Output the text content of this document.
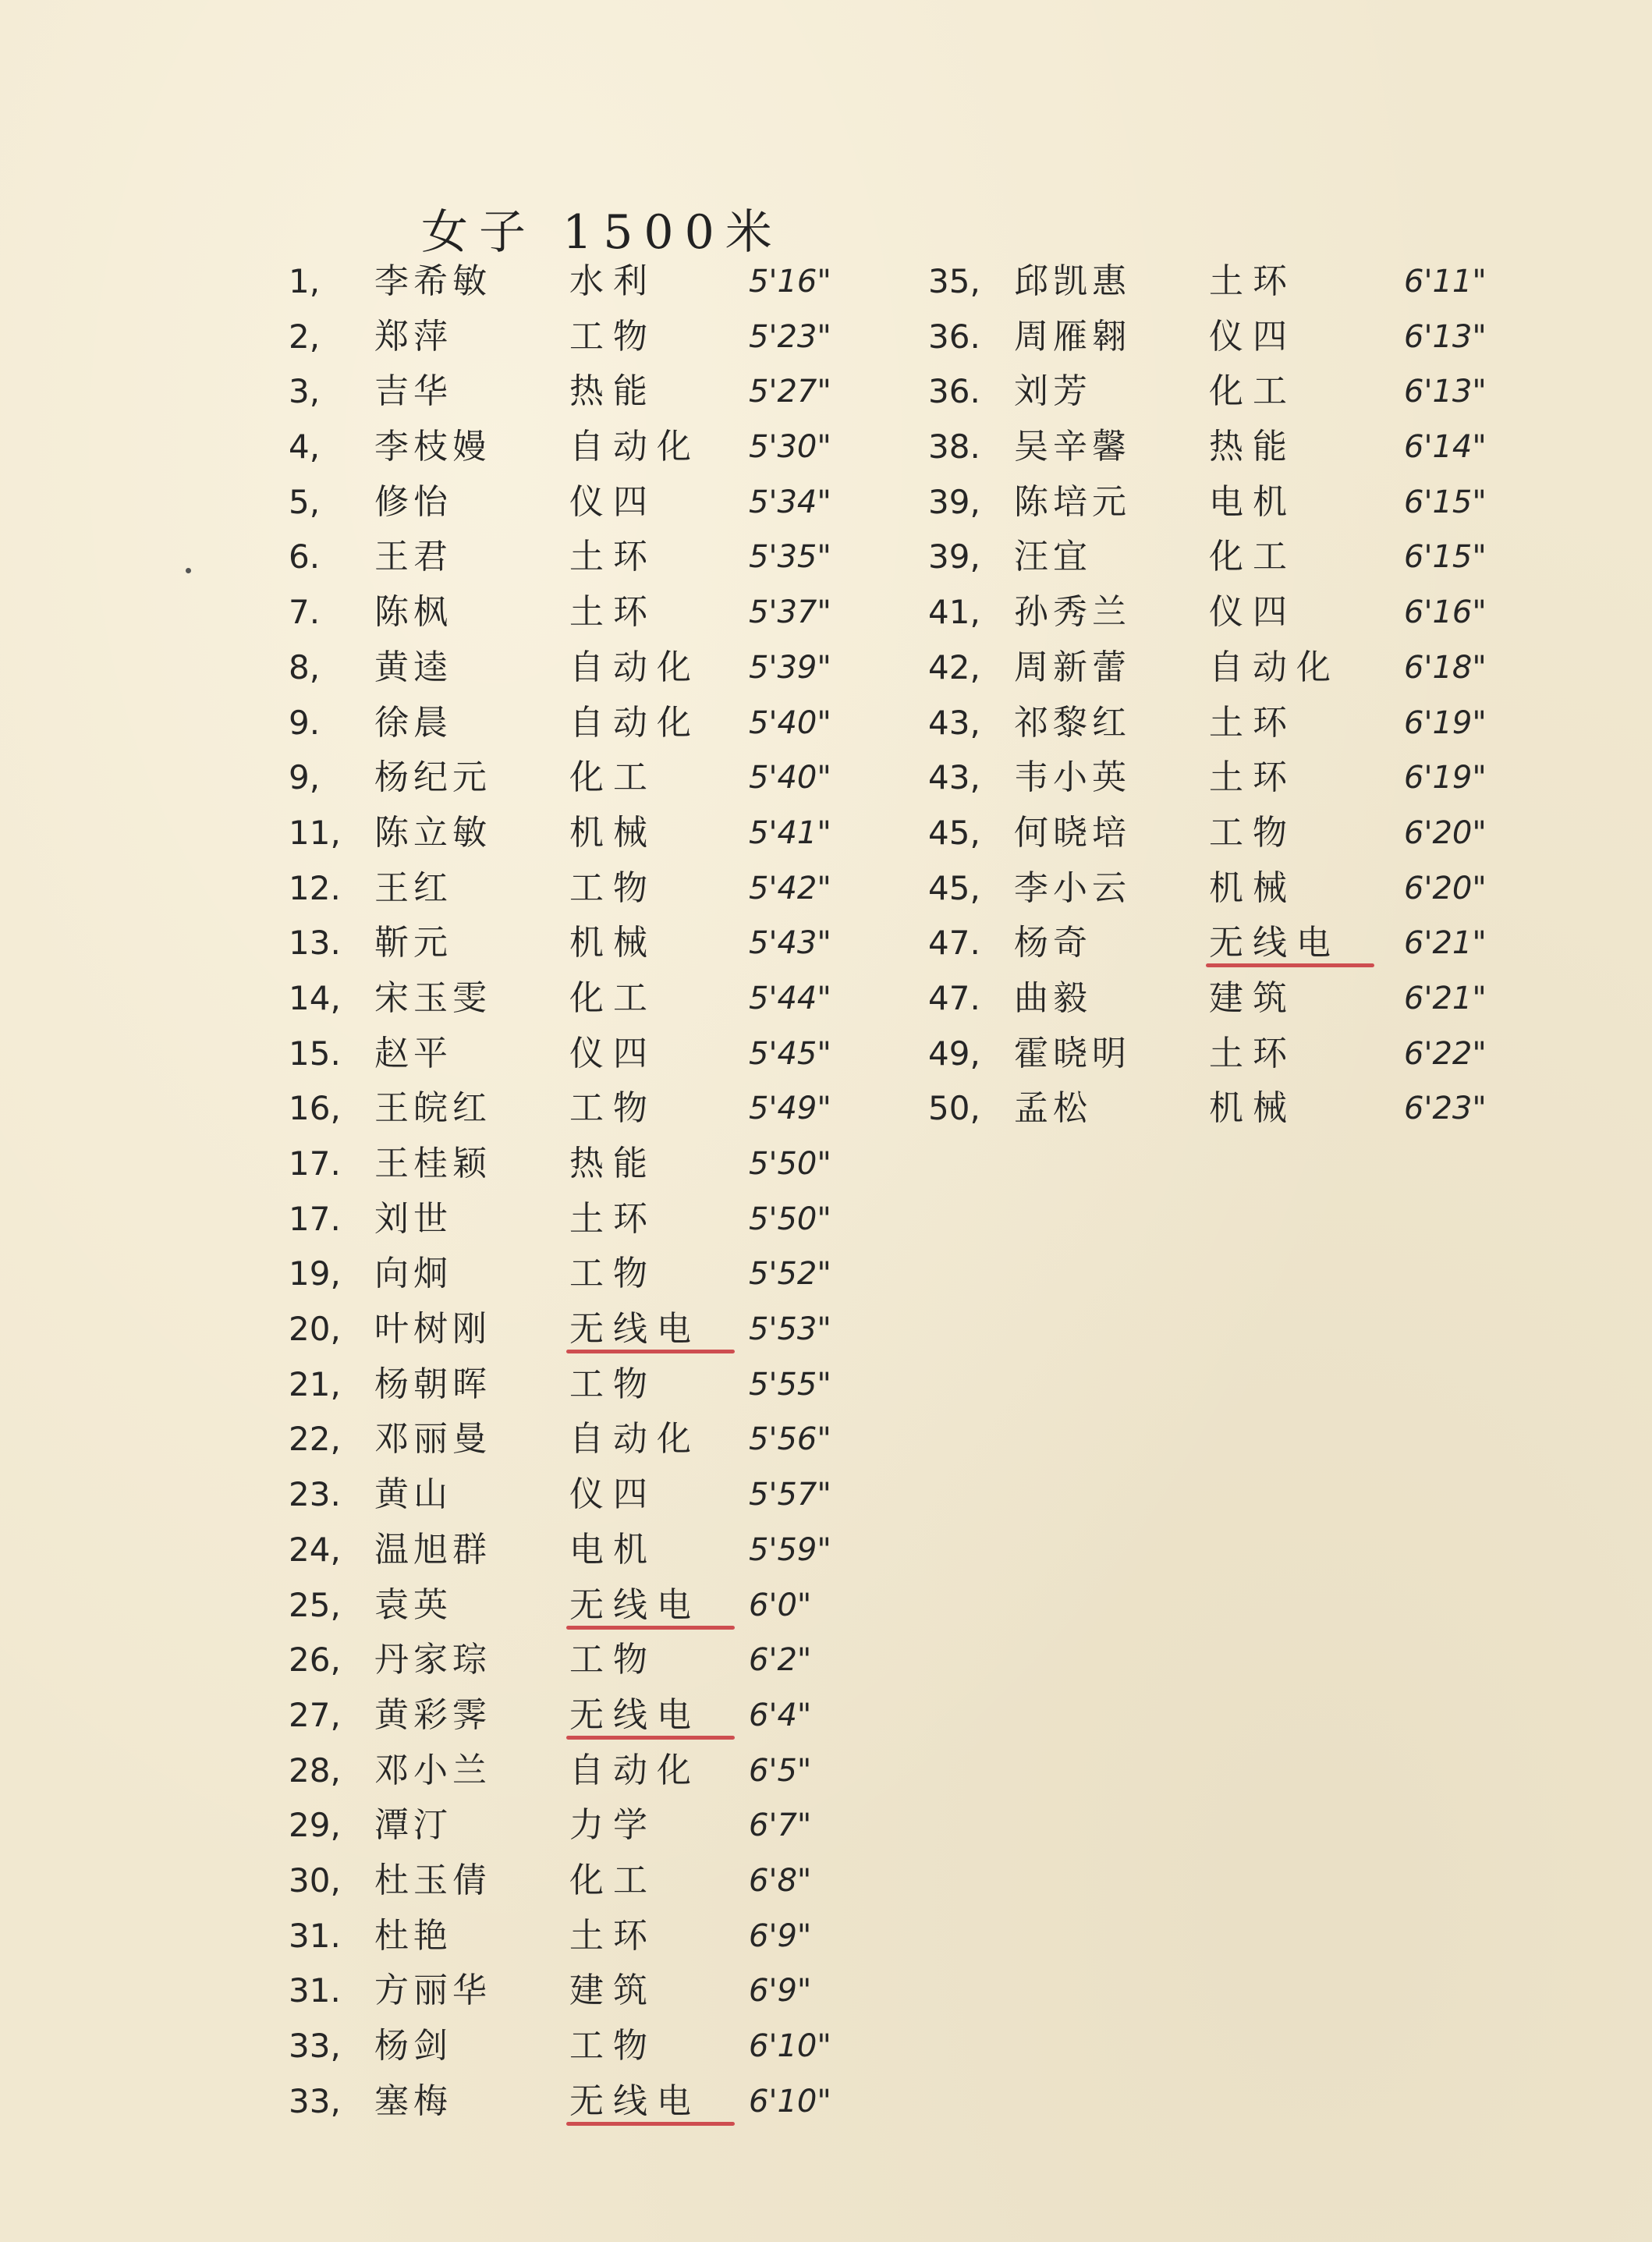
女子 1500米
1,	李希敏	水利	5'16"
2,	郑萍	工物	5'23"
3,	吉华	热能	5'27"
4,	李枝嫚	自动化	5'30"
5,	修怡	仪四	5'34"
6.	王君	土环	5'35"
7.	陈枫	土环	5'37"
8,	黄逵	自动化	5'39"
9.	徐晨	自动化	5'40"
9,	杨纪元	化工	5'40"
11, 陈立敏	机械	5'41"
12. 王红	工物	5'42"
13. 靳元	机械	5'43"
14, 宋玉雯	化工	5'44"
15. 赵平	仪四	5'45"
16, 王皖红	工物	5'49"
17. 王桂颖	热能	5'50"
17. 刘世	土环	5'50"
19, 向炯	工物	5'52"
20, 叶树刚	无线电	5'53"
21, 杨朝晖	工物	5'55"
22, 邓丽曼	自动化	5'56"
23. 黄山	仪四	5'57"
24, 温旭群	电机	5'59"
25, 袁英	无线电	6'0"
26, 丹家琮	工物	6'2"
27, 黄彩霁	无线电	6'4"
28, 邓小兰	自动化	6'5"
29, 潭汀	力学	6'7"
30, 杜玉倩	化工	6'8"
31. 杜艳	土环	6'9"
31. 方丽华	建筑	6'9"
33, 杨剑	工物	6'10"
33, 塞梅	无线电	6'10"
35, 邱凯惠	土环	6'11"
36. 周雁翱	仪四	6'13"
36. 刘芳	化工	6'13"
38. 吴辛馨	热能	6'14"
39, 陈培元	电机	6'15"
39, 汪宜	化工	6'15"
41, 孙秀兰	仪四	6'16"
42, 周新蕾	自动化	6'18"
43, 祁黎红	土环	6'19"
43, 韦小英	土环	6'19"
45, 何晓培	工物	6'20"
45, 李小云	机械	6'20"
47. 杨奇	无线电	6'21"
47. 曲毅	建筑	6'21"
49, 霍晓明	土环	6'22"
50, 孟松	机械	6'23"
